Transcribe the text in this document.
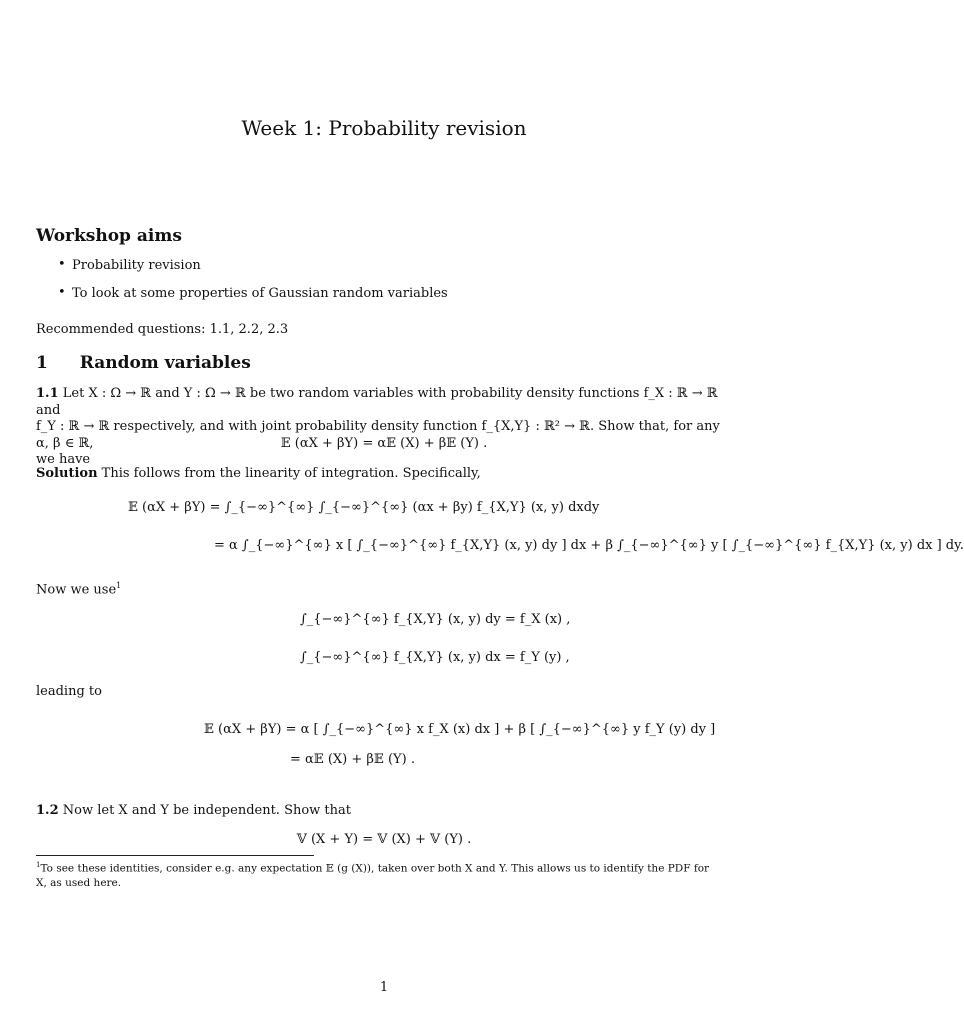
Week 1: Probability revision
Workshop aims
• Probability revision
• To look at some properties of Gaussian random variables
Recommended questions: 1.1, 2.2, 2.3
1 Random variables
1.1 Let X : Ω → ℝ and Y : Ω → ℝ be two random variables with probability density functions f_X : ℝ → ℝ and
f_Y : ℝ → ℝ respectively, and with joint probability density function f_{X,Y} : ℝ² → ℝ. Show that, for any α, β ∈ ℝ,
we have
𝔼 (αX + βY) = α𝔼 (X) + β𝔼 (Y) .
Solution This follows from the linearity of integration. Specifically,
𝔼 (αX + βY) = ∫_{−∞}^{∞} ∫_{−∞}^{∞} (αx + βy) f_{X,Y} (x, y) dxdy
= α ∫_{−∞}^{∞} x [ ∫_{−∞}^{∞} f_{X,Y} (x, y) dy ] dx + β ∫_{−∞}^{∞} y [ ∫_{−∞}^{∞} f_{X,Y} (x, y) dx ] dy.
Now we use$^1$
∫_{−∞}^{∞} f_{X,Y} (x, y) dy = f_X (x) ,
∫_{−∞}^{∞} f_{X,Y} (x, y) dx = f_Y (y) ,
leading to
𝔼 (αX + βY) = α [ ∫_{−∞}^{∞} x f_X (x) dx ] + β [ ∫_{−∞}^{∞} y f_Y (y) dy ]
= α𝔼 (X) + β𝔼 (Y) .
1.2 Now let X and Y be independent. Show that
𝕍 (X + Y) = 𝕍 (X) + 𝕍 (Y) .
$^1$To see these identities, consider e.g. any expectation 𝔼 (g (X)), taken over both X and Y. This allows us to identify the PDF for
X, as used here.
1
